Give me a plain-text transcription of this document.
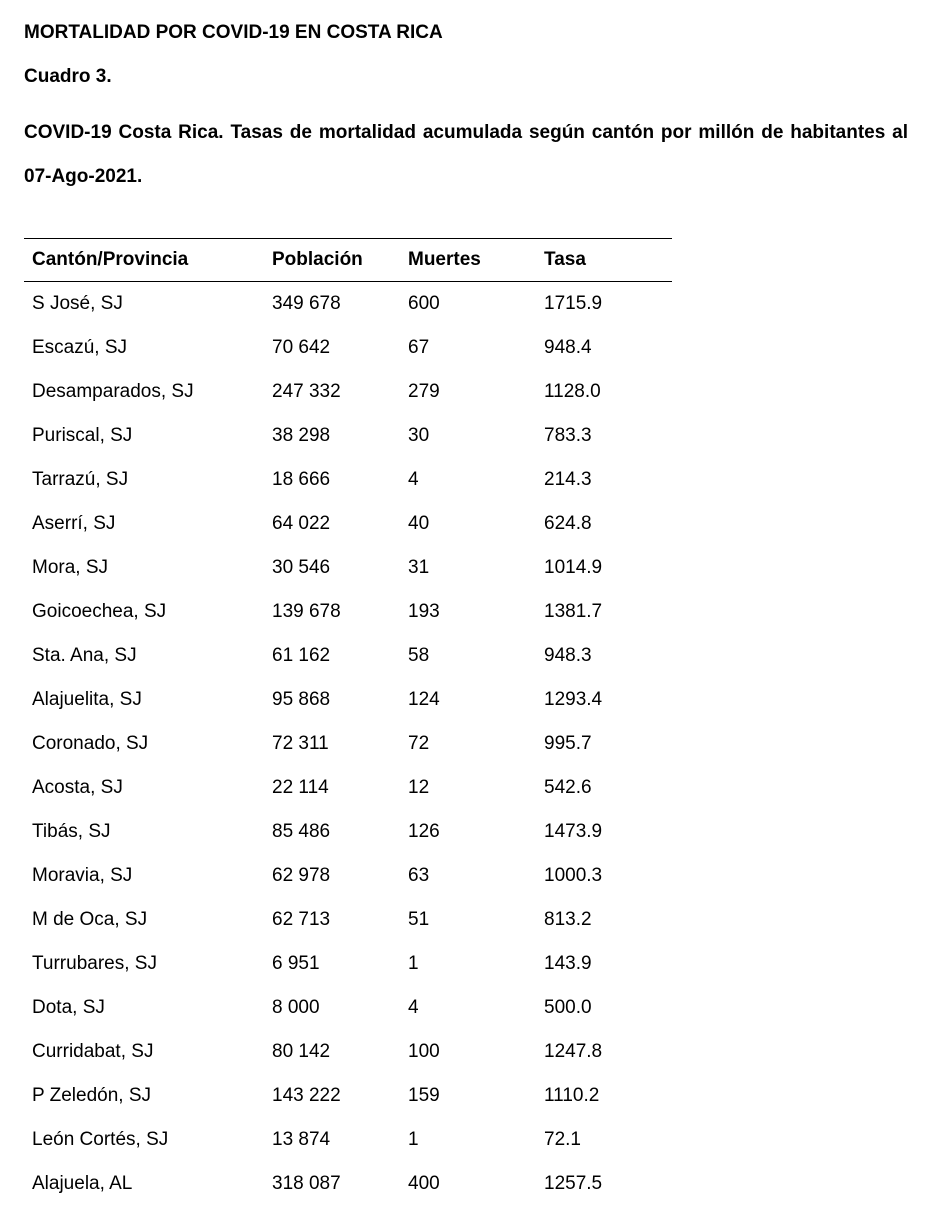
MORTALIDAD POR COVID-19 EN COSTA RICA
Cuadro 3.
COVID-19 Costa Rica. Tasas de mortalidad acumulada según cantón por millón de habitantes al 07-Ago-2021.
Cantón/Provincia	Población	Muertes	Tasa
S José, SJ	349 678	600	1715.9
Escazú, SJ	70 642	67	948.4
Desamparados, SJ	247 332	279	1128.0
Puriscal, SJ	38 298	30	783.3
Tarrazú, SJ	18 666	4	214.3
Aserrí, SJ	64 022	40	624.8
Mora, SJ	30 546	31	1014.9
Goicoechea, SJ	139 678	193	1381.7
Sta. Ana, SJ	61 162	58	948.3
Alajuelita, SJ	95 868	124	1293.4
Coronado, SJ	72 311	72	995.7
Acosta, SJ	22 114	12	542.6
Tibás, SJ	85 486	126	1473.9
Moravia, SJ	62 978	63	1000.3
M de Oca, SJ	62 713	51	813.2
Turrubares, SJ	6 951	1	143.9
Dota, SJ	8 000	4	500.0
Curridabat, SJ	80 142	100	1247.8
P Zeledón, SJ	143 222	159	1110.2
León Cortés, SJ	13 874	1	72.1
Alajuela, AL	318 087	400	1257.5
